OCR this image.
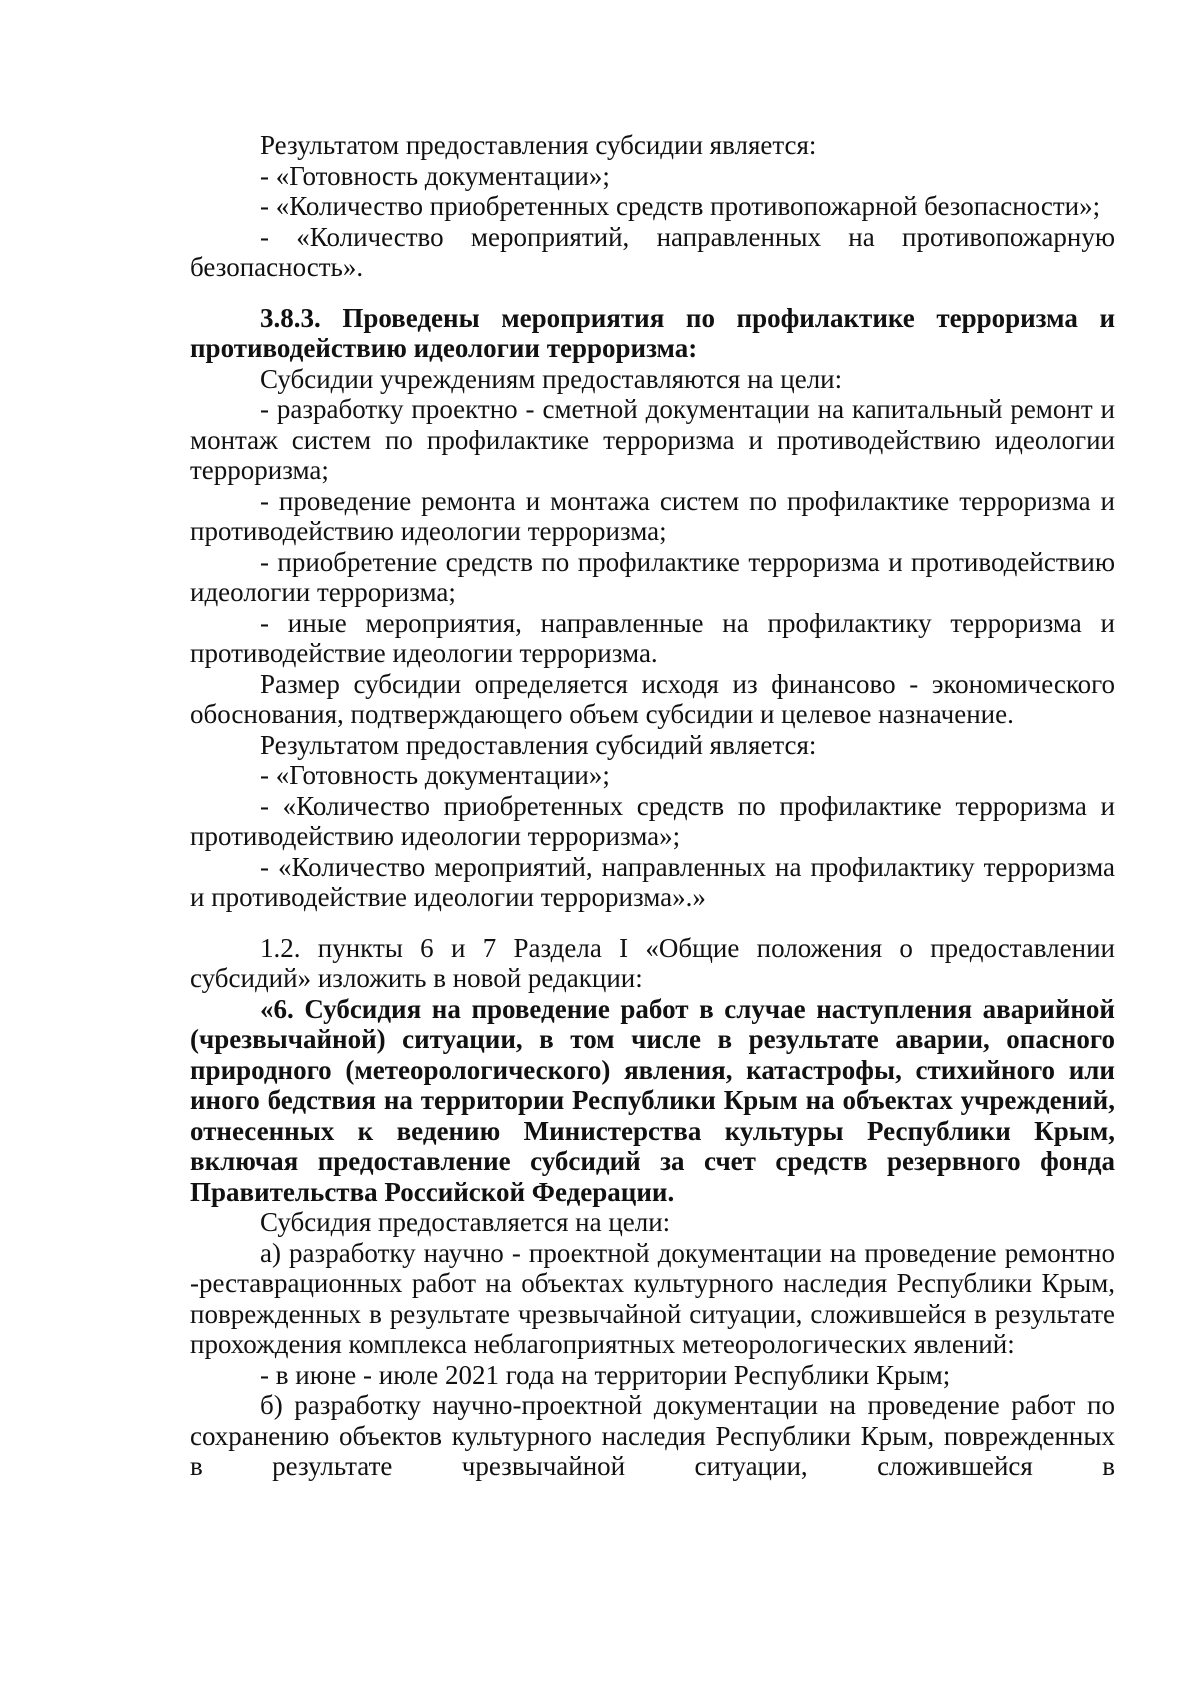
Результатом предоставления субсидии является:

- «Готовность документации»;

- «Количество приобретенных средств противопожарной безопасности»;

- «Количество мероприятий, направленных на противопожарную безопасность».

3.8.3. Проведены мероприятия по профилактике терроризма и противодействию идеологии терроризма:

Субсидии учреждениям предоставляются на цели:

- разработку проектно - сметной документации на капитальный ремонт и монтаж систем по профилактике терроризма и противодействию идеологии терроризма;

- проведение ремонта и монтажа систем по профилактике терроризма и противодействию идеологии терроризма;

- приобретение средств по профилактике терроризма и противодействию идеологии терроризма;

- иные мероприятия, направленные на профилактику терроризма и противодействие идеологии терроризма.

Размер субсидии определяется исходя из финансово - экономического обоснования, подтверждающего объем субсидии и целевое назначение.

Результатом предоставления субсидий является:

- «Готовность документации»;

- «Количество приобретенных средств по профилактике терроризма и противодействию идеологии терроризма»;

- «Количество мероприятий, направленных на профилактику терроризма и противодействие идеологии терроризма».»

1.2. пункты 6 и 7 Раздела I «Общие положения о предоставлении субсидий» изложить в новой редакции:

«6. Субсидия на проведение работ в случае наступления аварийной (чрезвычайной) ситуации, в том числе в результате аварии, опасного природного (метеорологического) явления, катастрофы, стихийного или иного бедствия на территории Республики Крым на объектах учреждений, отнесенных к ведению Министерства культуры Республики Крым, включая предоставление субсидий за счет средств резервного фонда Правительства Российской Федерации.

Субсидия предоставляется на цели:

а) разработку научно - проектной документации на проведение ремонтно -реставрационных работ на объектах культурного наследия Республики Крым, поврежденных в результате чрезвычайной ситуации, сложившейся в результате прохождения комплекса неблагоприятных метеорологических явлений:

- в июне - июле 2021 года на территории Республики Крым;

б) разработку научно-проектной документации на проведение работ по сохранению объектов культурного наследия Республики Крым, поврежденных в результате чрезвычайной ситуации, сложившейся в
